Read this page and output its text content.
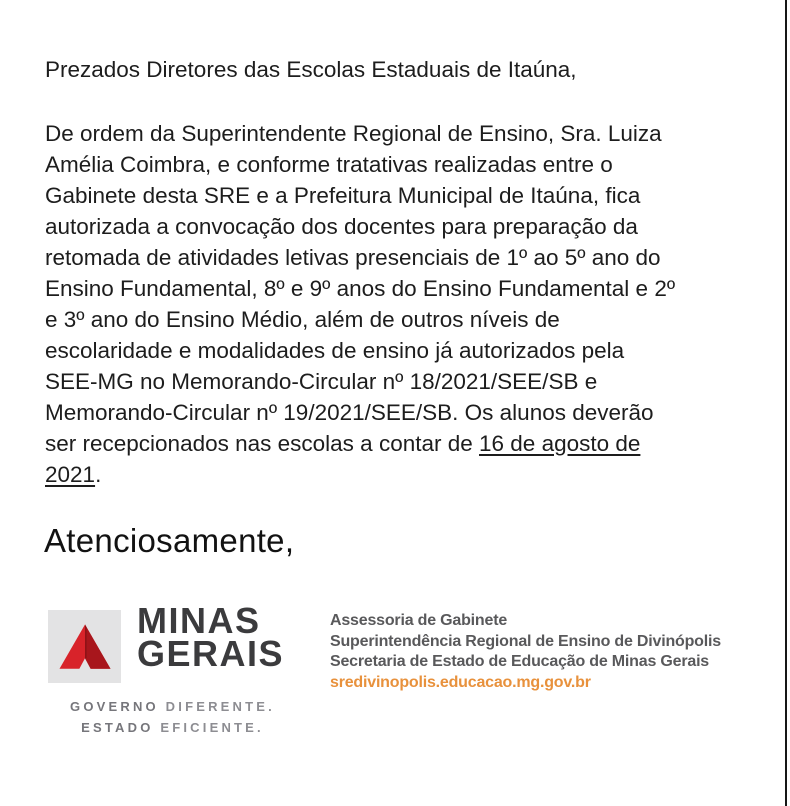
Prezados Diretores das Escolas Estaduais de Itaúna,
De ordem da Superintendente Regional de Ensino, Sra. Luiza
Amélia Coimbra, e conforme tratativas realizadas entre o
Gabinete desta SRE e a Prefeitura Municipal de Itaúna, fica
autorizada a convocação dos docentes para preparação da
retomada de atividades letivas presenciais de 1º ao 5º ano do
Ensino Fundamental, 8º e 9º anos do Ensino Fundamental e 2º
e 3º ano do Ensino Médio, além de outros níveis de
escolaridade e modalidades de ensino já autorizados pela
SEE-MG no Memorando-Circular nº 18/2021/SEE/SB e
Memorando-Circular nº 19/2021/SEE/SB. Os alunos deverão
ser recepcionados nas escolas a contar de 16 de agosto de
2021.
Atenciosamente,
MINAS
GERAIS
GOVERNO DIFERENTE.
ESTADO EFICIENTE.
Assessoria de Gabinete
Superintendência Regional de Ensino de Divinópolis
Secretaria de Estado de Educação de Minas Gerais
sredivinopolis.educacao.mg.gov.br
